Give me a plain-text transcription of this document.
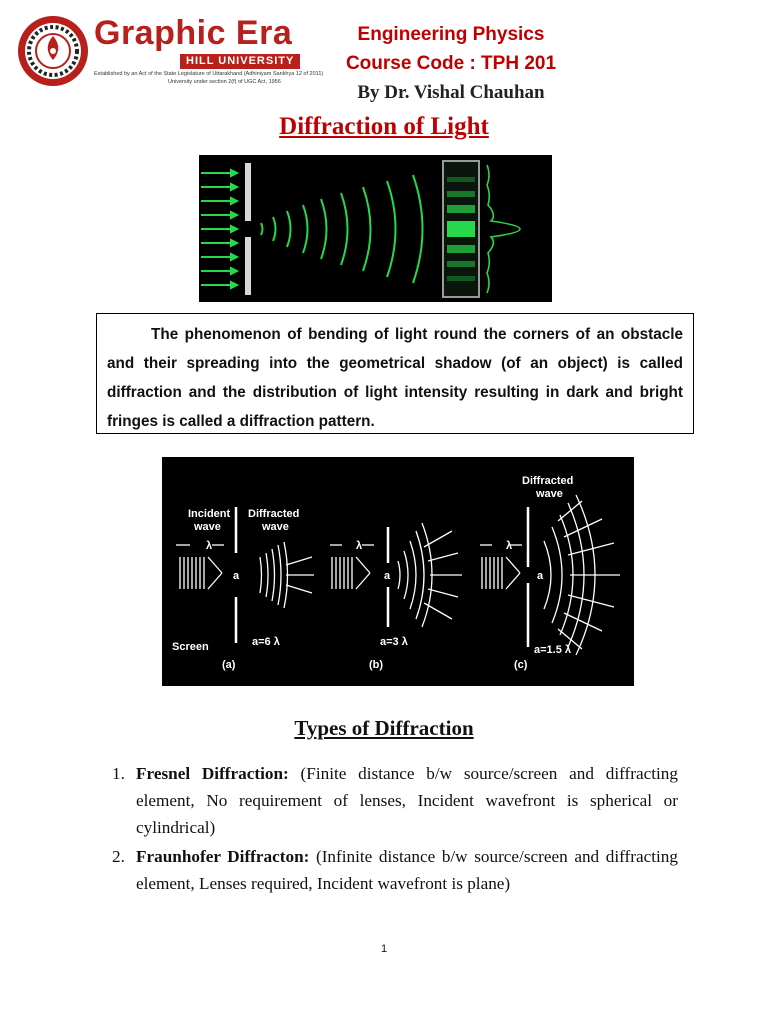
Graphic Era
HILL UNIVERSITY
Established by an Act of the State Legislature of Uttarakhand (Adhiniyam Sankhya 12 of 2011)
University under section 2(f) of UGC Act, 1956
Engineering Physics
Course Code : TPH 201
By Dr. Vishal Chauhan
Diffraction of Light
The phenomenon of bending of light round the corners of an obstacle and their spreading into the geometrical shadow (of an object) is called diffraction and the distribution of light intensity resulting in dark and bright fringes is called a diffraction pattern.
Incident
wave
Diffracted
wave
Screen
(a)
a=6 λ
(b)
a=3 λ
(c)
a=1.5 λ
Diffracted
wave
λ	λ	λ
a	a	a
Types of Diffraction
1. Fresnel Diffraction: (Finite distance b/w source/screen and diffracting element, No requirement of lenses, Incident wavefront is spherical or cylindrical)
2. Fraunhofer Diffracton: (Infinite distance b/w source/screen and diffracting element, Lenses required, Incident wavefront is plane)
1
